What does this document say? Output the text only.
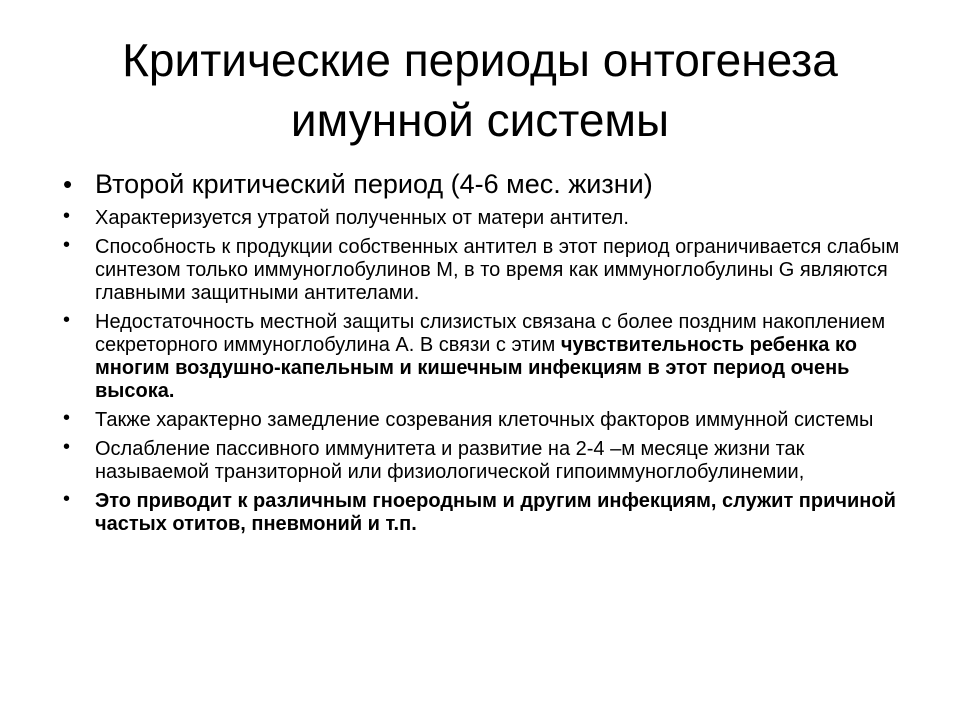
Критические периоды онтогенеза
имунной системы
• Второй критический период (4-6 мес. жизни)
• Характеризуется утратой полученных от матери антител.
• Способность к продукции собственных антител в этот период ограничивается слабым синтезом только иммуноглобулинов М, в то время как иммуноглобулины G являются главными защитными антителами.
• Недостаточность местной защиты слизистых связана с более поздним накоплением секреторного иммуноглобулина А. В связи с этим чувствительность ребенка ко многим воздушно-капельным и кишечным инфекциям в этот период очень высока.
• Также характерно замедление созревания клеточных факторов иммунной системы
• Ослабление пассивного иммунитета и развитие на 2-4 –м месяце жизни так называемой транзиторной или физиологической гипоиммуноглобулинемии,
• Это приводит к различным гноеродным и другим инфекциям, служит причиной частых отитов, пневмоний и т.п.
